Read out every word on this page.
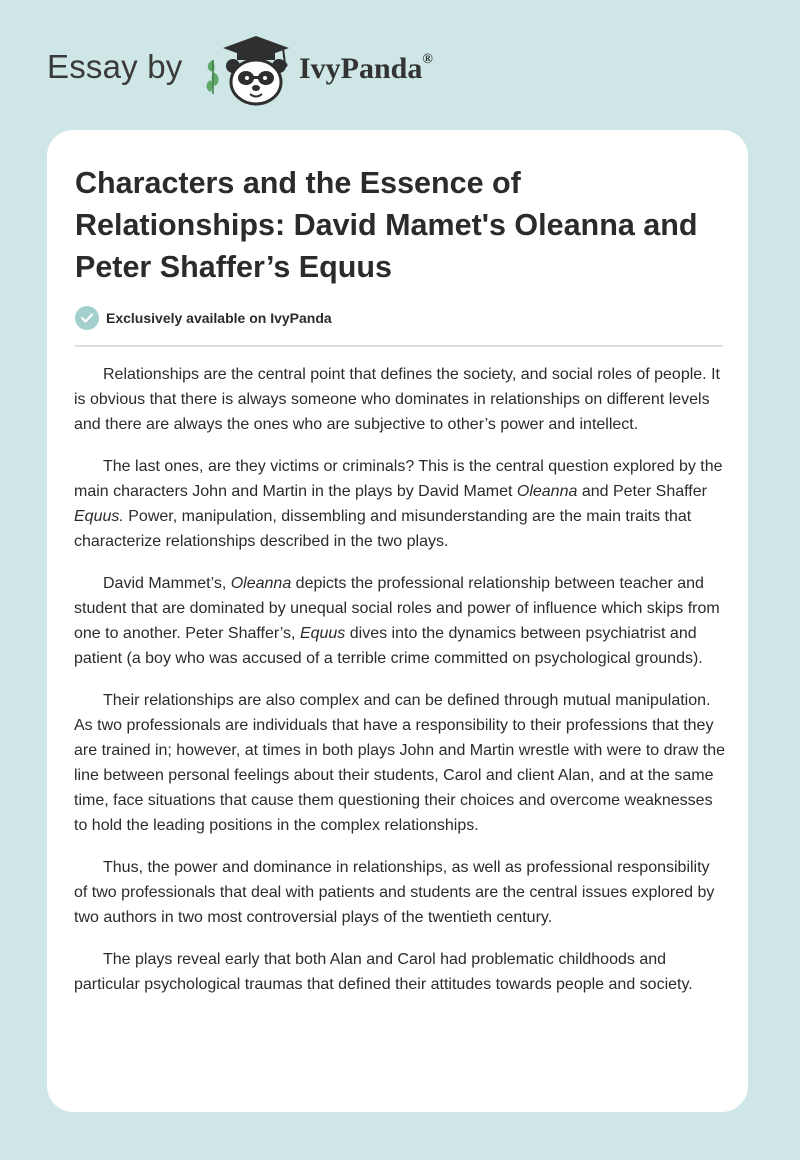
Essay by	IvyPanda®
Characters and the Essence of Relationships: David Mamet's Oleanna and Peter Shaffer’s Equus
Exclusively available on IvyPanda

Relationships are the central point that defines the society, and social roles of people. It is obvious that there is always someone who dominates in relationships on different levels and there are always the ones who are subjective to other’s power and intellect.

The last ones, are they victims or criminals? This is the central question explored by the main characters John and Martin in the plays by David Mamet Oleanna and Peter Shaffer Equus. Power, manipulation, dissembling and misunderstanding are the main traits that characterize relationships described in the two plays.

David Mammet’s, Oleanna depicts the professional relationship between teacher and student that are dominated by unequal social roles and power of influence which skips from one to another. Peter Shaffer’s, Equus dives into the dynamics between psychiatrist and patient (a boy who was accused of a terrible crime committed on psychological grounds).

Their relationships are also complex and can be defined through mutual manipulation. As two professionals are individuals that have a responsibility to their professions that they are trained in; however, at times in both plays John and Martin wrestle with were to draw the line between personal feelings about their students, Carol and client Alan, and at the same time, face situations that cause them questioning their choices and overcome weaknesses to hold the leading positions in the complex relationships.

Thus, the power and dominance in relationships, as well as professional responsibility of two professionals that deal with patients and students are the central issues explored by two authors in two most controversial plays of the twentieth century.

The plays reveal early that both Alan and Carol had problematic childhoods and particular psychological traumas that defined their attitudes towards people and society.
